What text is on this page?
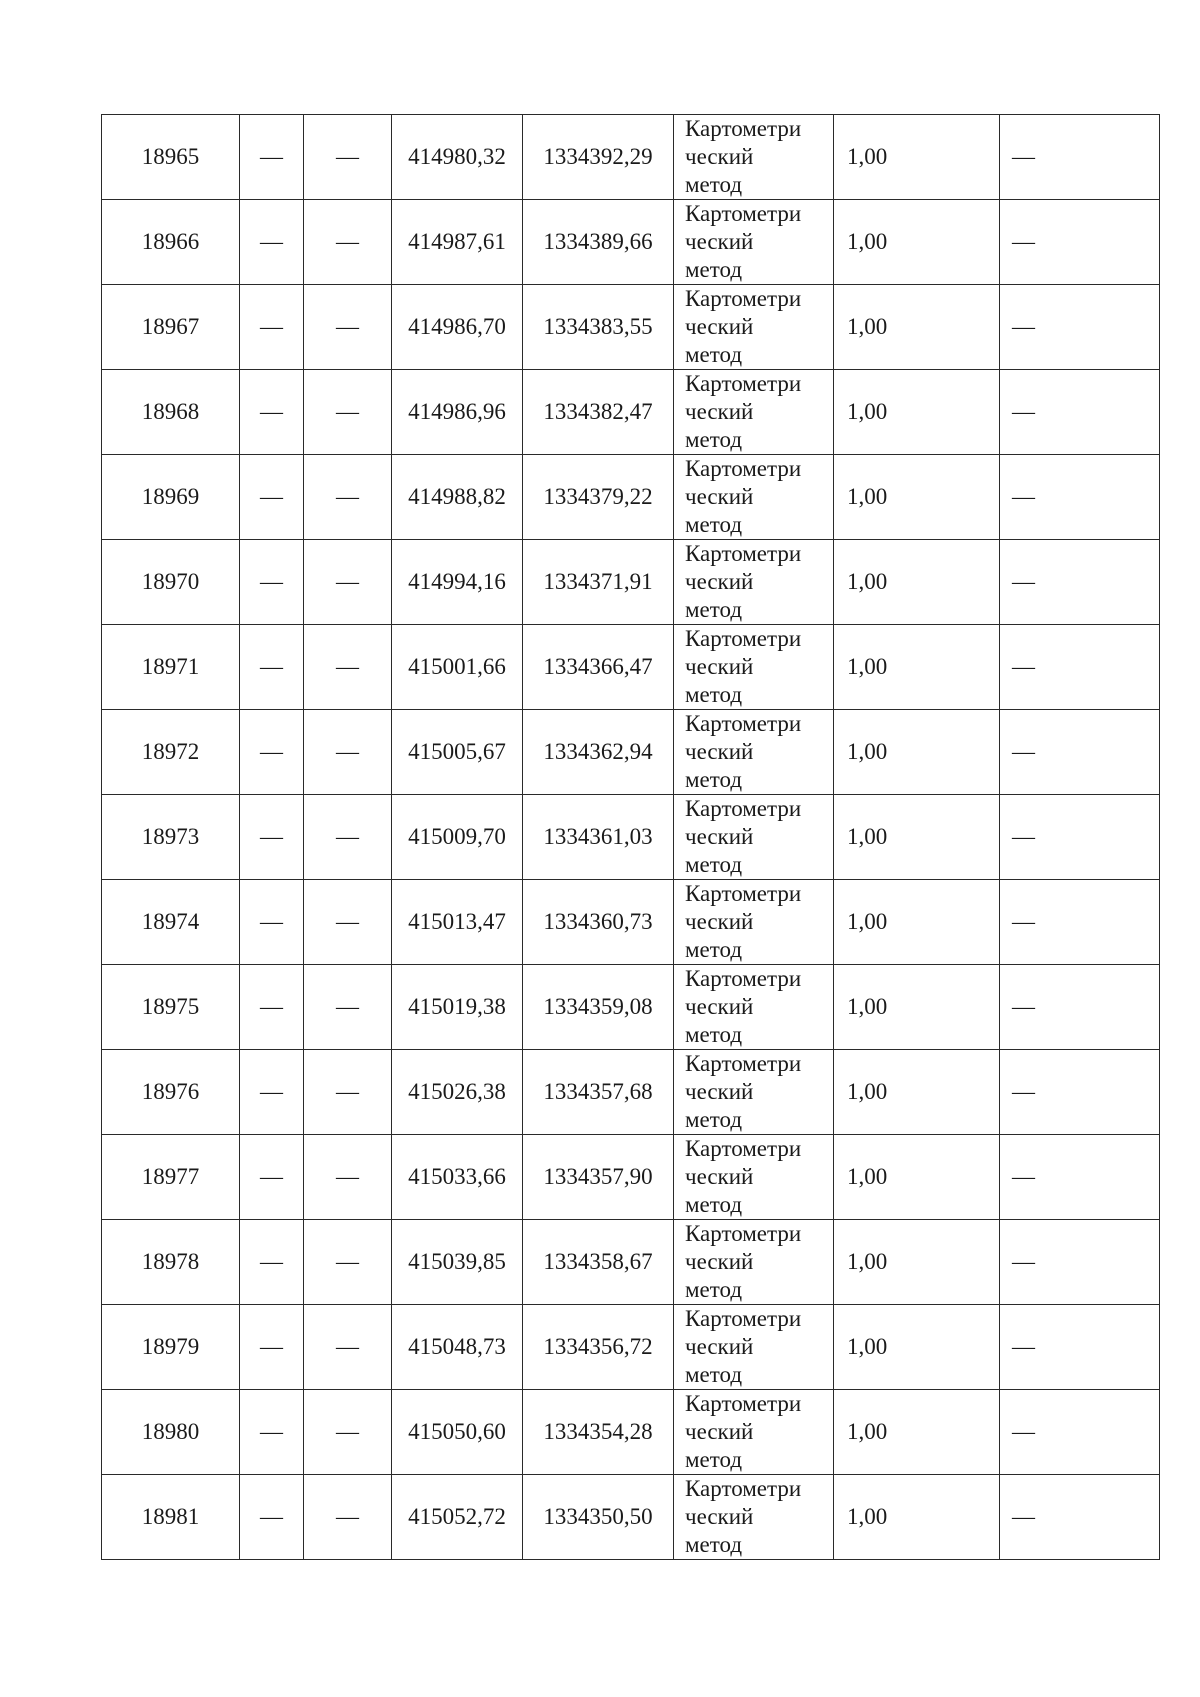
18965	—	—	414980,32	1334392,29	Картометри
ческий
метод	1,00	—
18966	—	—	414987,61	1334389,66	Картометри
ческий
метод	1,00	—
18967	—	—	414986,70	1334383,55	Картометри
ческий
метод	1,00	—
18968	—	—	414986,96	1334382,47	Картометри
ческий
метод	1,00	—
18969	—	—	414988,82	1334379,22	Картометри
ческий
метод	1,00	—
18970	—	—	414994,16	1334371,91	Картометри
ческий
метод	1,00	—
18971	—	—	415001,66	1334366,47	Картометри
ческий
метод	1,00	—
18972	—	—	415005,67	1334362,94	Картометри
ческий
метод	1,00	—
18973	—	—	415009,70	1334361,03	Картометри
ческий
метод	1,00	—
18974	—	—	415013,47	1334360,73	Картометри
ческий
метод	1,00	—
18975	—	—	415019,38	1334359,08	Картометри
ческий
метод	1,00	—
18976	—	—	415026,38	1334357,68	Картометри
ческий
метод	1,00	—
18977	—	—	415033,66	1334357,90	Картометри
ческий
метод	1,00	—
18978	—	—	415039,85	1334358,67	Картометри
ческий
метод	1,00	—
18979	—	—	415048,73	1334356,72	Картометри
ческий
метод	1,00	—
18980	—	—	415050,60	1334354,28	Картометри
ческий
метод	1,00	—
18981	—	—	415052,72	1334350,50	Картометри
ческий
метод	1,00	—
